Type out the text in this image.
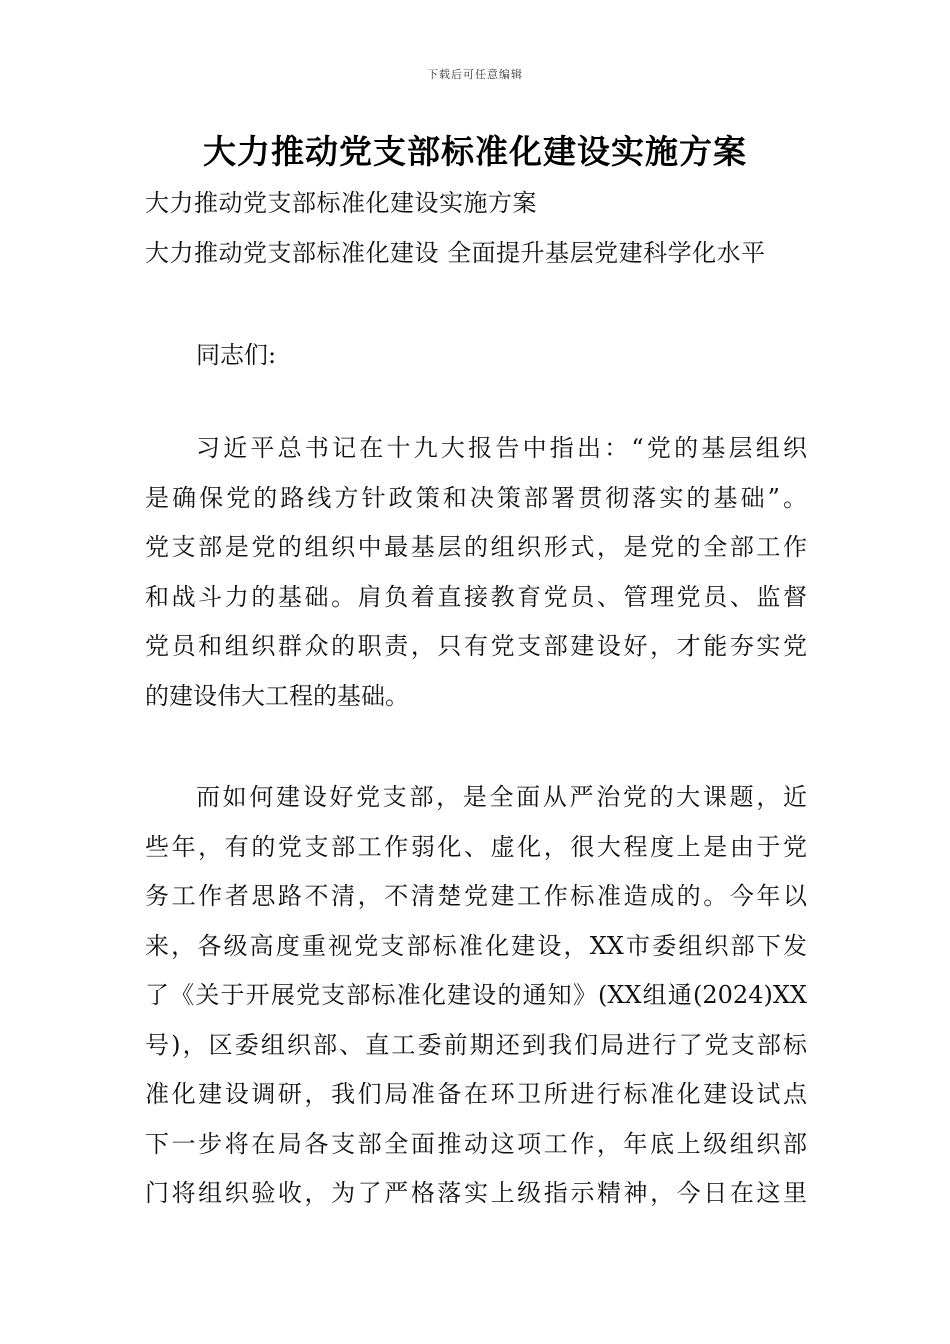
下载后可任意编辑
大力推动党支部标准化建设实施方案
大力推动党支部标准化建设实施方案
大力推动党支部标准化建设 全面提升基层党建科学化水平
同志们:
习近平总书记在十九大报告中指出：“党的基层组织
是确保党的路线方针政策和决策部署贯彻落实的基础”。
党支部是党的组织中最基层的组织形式，是党的全部工作
和战斗力的基础。肩负着直接教育党员、管理党员、监督
党员和组织群众的职责，只有党支部建设好，才能夯实党
的建设伟大工程的基础。
而如何建设好党支部，是全面从严治党的大课题，近
些年，有的党支部工作弱化、虚化，很大程度上是由于党
务工作者思路不清，不清楚党建工作标准造成的。今年以
来，各级高度重视党支部标准化建设，XX市委组织部下发
了《关于开展党支部标准化建设的通知》(XX组通(2024)XX
号)，区委组织部、直工委前期还到我们局进行了党支部标
准化建设调研，我们局准备在环卫所进行标准化建设试点
下一步将在局各支部全面推动这项工作，年底上级组织部
门将组织验收，为了严格落实上级指示精神，今日在这里
